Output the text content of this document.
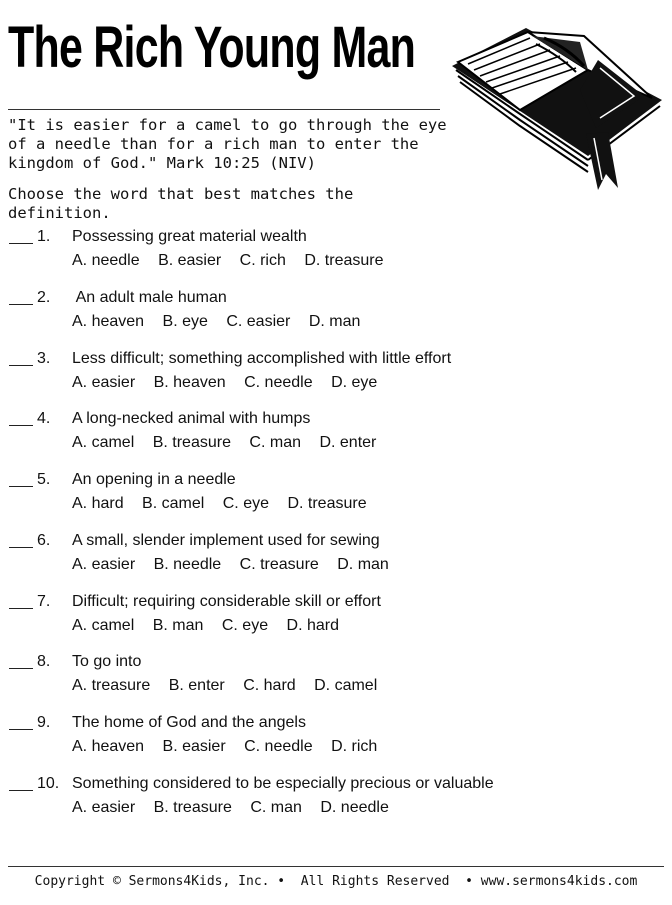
The Rich Young Man

"It is easier for a camel to go through the eye of a needle than for a rich man to enter the kingdom of God." Mark 10:25 (NIV)

Choose the word that best matches the definition.

1. Possessing great material wealth
A. needle B. easier C. rich D. treasure
2. An adult male human
A. heaven B. eye C. easier D. man
3. Less difficult; something accomplished with little effort
A. easier B. heaven C. needle D. eye
4. A long-necked animal with humps
A. camel B. treasure C. man D. enter
5. An opening in a needle
A. hard B. camel C. eye D. treasure
6. A small, slender implement used for sewing
A. easier B. needle C. treasure D. man
7. Difficult; requiring considerable skill or effort
A. camel B. man C. eye D. hard
8. To go into
A. treasure B. enter C. hard D. camel
9. The home of God and the angels
A. heaven B. easier C. needle D. rich
10. Something considered to be especially precious or valuable
A. easier B. treasure C. man D. needle
Copyright © Sermons4Kids, Inc. •  All Rights Reserved  • www.sermons4kids.com
